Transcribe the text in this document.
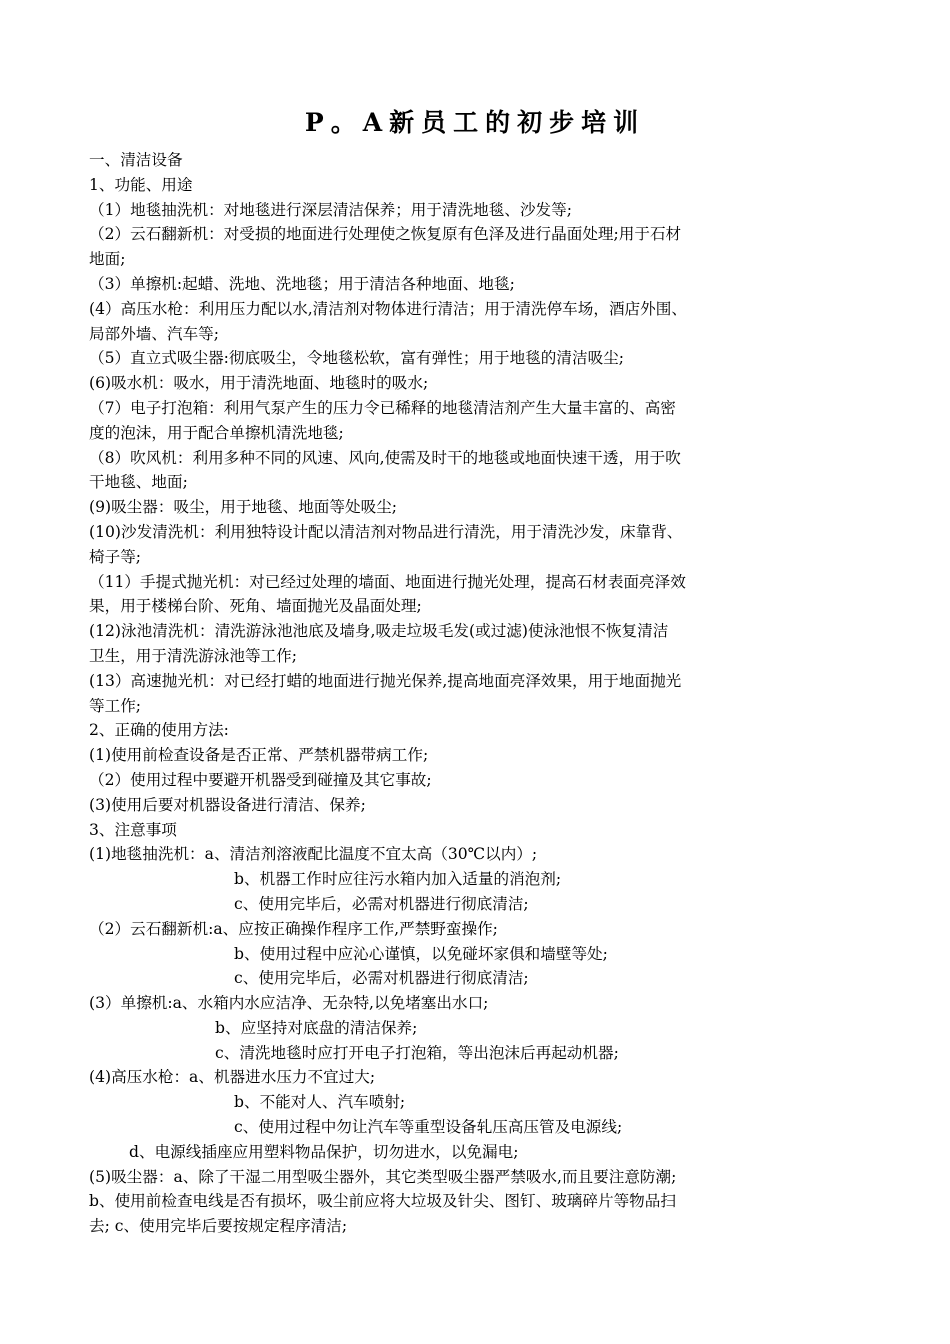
P。A新员工的初步培训
一、清洁设备
1、功能、用途
（1）地毯抽洗机：对地毯进行深层清洁保养；用于清洗地毯、沙发等;
（2）云石翻新机：对受损的地面进行处理使之恢复原有色泽及进行晶面处理;用于石材
地面;
（3）单擦机:起蜡、洗地、洗地毯；用于清洁各种地面、地毯;
(4）高压水枪：利用压力配以水,清洁剂对物体进行清洁；用于清洗停车场，酒店外围、
局部外墙、汽车等;
（5）直立式吸尘器:彻底吸尘，令地毯松软，富有弹性；用于地毯的清洁吸尘;
(6)吸水机：吸水，用于清洗地面、地毯时的吸水;
（7）电子打泡箱：利用气泵产生的压力令已稀释的地毯清洁剂产生大量丰富的、高密
度的泡沫，用于配合单擦机清洗地毯;
（8）吹风机：利用多种不同的风速、风向,使需及时干的地毯或地面快速干透，用于吹
干地毯、地面;
(9)吸尘器：吸尘，用于地毯、地面等处吸尘;
(10)沙发清洗机：利用独特设计配以清洁剂对物品进行清洗，用于清洗沙发，床靠背、
椅子等;
（11）手提式抛光机：对已经过处理的墙面、地面进行抛光处理，提高石材表面亮泽效
果，用于楼梯台阶、死角、墙面抛光及晶面处理;
(12)泳池清洗机：清洗游泳池池底及墙身,吸走垃圾毛发(或过滤)使泳池恨不恢复清洁
卫生，用于清洗游泳池等工作;
(13）高速抛光机：对已经打蜡的地面进行抛光保养,提高地面亮泽效果，用于地面抛光
等工作;
2、正确的使用方法:
(1)使用前检查设备是否正常、严禁机器带病工作;
（2）使用过程中要避开机器受到碰撞及其它事故;
(3)使用后要对机器设备进行清洁、保养;
3、注意事项
(1)地毯抽洗机：a、清洁剂溶液配比温度不宜太高（30℃以内）;
b、机器工作时应往污水箱内加入适量的消泡剂;
c、使用完毕后，必需对机器进行彻底清洁;
（2）云石翻新机:a、应按正确操作程序工作,严禁野蛮操作;
b、使用过程中应沁心谨慎，以免碰坏家俱和墙壁等处;
c、使用完毕后，必需对机器进行彻底清洁;
(3）单擦机:a、水箱内水应洁净、无杂特,以免堵塞出水口;
b、应坚持对底盘的清洁保养;
c、清洗地毯时应打开电子打泡箱，等出泡沫后再起动机器;
(4)高压水枪：a、机器进水压力不宜过大;
b、不能对人、汽车喷射;
c、使用过程中勿让汽车等重型设备轧压高压管及电源线;
d、电源线插座应用塑料物品保护，切勿进水，以免漏电;
(5)吸尘器：a、除了干湿二用型吸尘器外，其它类型吸尘器严禁吸水,而且要注意防潮;
b、使用前检查电线是否有损坏，吸尘前应将大垃圾及针尖、图钉、玻璃碎片等物品扫
去; c、使用完毕后要按规定程序清洁;
